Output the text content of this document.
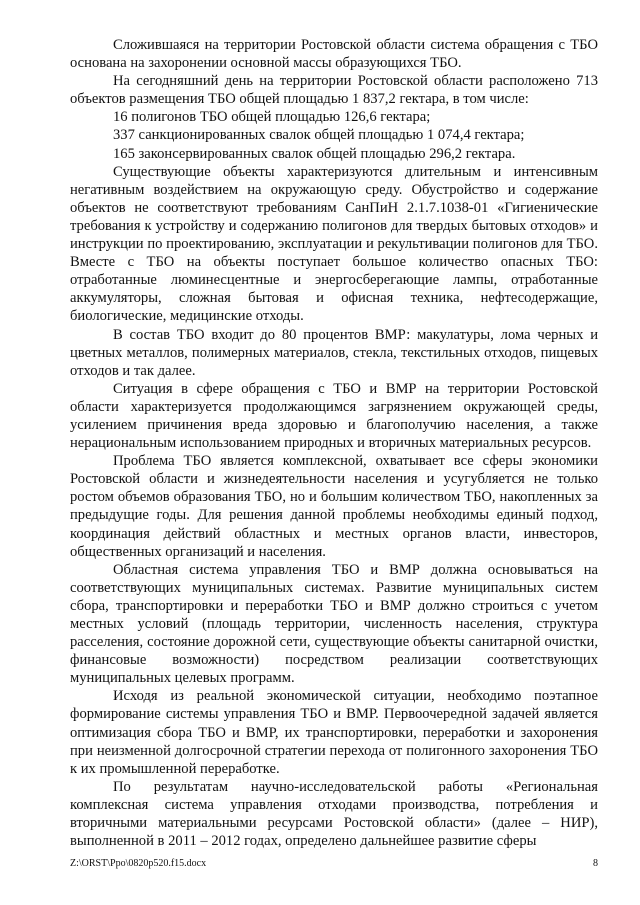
Сложившаяся на территории Ростовской области система обращения с ТБО основана на захоронении основной массы образующихся ТБО.

На сегодняшний день на территории Ростовской области расположено 713 объектов размещения ТБО общей площадью 1 837,2 гектара, в том числе:

16 полигонов ТБО общей площадью 126,6 гектара;

337 санкционированных свалок общей площадью 1 074,4 гектара;

165 законсервированных свалок общей площадью 296,2 гектара.

Существующие объекты характеризуются длительным и интенсивным негативным воздействием на окружающую среду. Обустройство и содержание объектов не соответствуют требованиям СанПиН 2.1.7.1038-01 «Гигиенические требования к устройству и содержанию полигонов для твердых бытовых отходов» и инструкции по проектированию, эксплуатации и рекультивации полигонов для ТБО. Вместе с ТБО на объекты поступает большое количество опасных ТБО: отработанные люминесцентные и энергосберегающие лампы, отработанные аккумуляторы, сложная бытовая и офисная техника, нефтесодержащие, биологические, медицинские отходы.

В состав ТБО входит до 80 процентов ВМР: макулатуры, лома черных и цветных металлов, полимерных материалов, стекла, текстильных отходов, пищевых отходов и так далее.

Ситуация в сфере обращения с ТБО и ВМР на территории Ростовской области характеризуется продолжающимся загрязнением окружающей среды, усилением причинения вреда здоровью и благополучию населения, а также нерациональным использованием природных и вторичных материальных ресурсов.

Проблема ТБО является комплексной, охватывает все сферы экономики Ростовской области и жизнедеятельности населения и усугубляется не только ростом объемов образования ТБО, но и большим количеством ТБО, накопленных за предыдущие годы. Для решения данной проблемы необходимы единый подход, координация действий областных и местных органов власти, инвесторов, общественных организаций и населения.

Областная система управления ТБО и ВМР должна основываться на соответствующих муниципальных системах. Развитие муниципальных систем сбора, транспортировки и переработки ТБО и ВМР должно строиться с учетом местных условий (площадь территории, численность населения, структура расселения, состояние дорожной сети, существующие объекты санитарной очистки, финансовые возможности) посредством реализации соответствующих муниципальных целевых программ.

Исходя из реальной экономической ситуации, необходимо поэтапное формирование системы управления ТБО и ВМР. Первоочередной задачей является оптимизация сбора ТБО и ВМР, их транспортировки, переработки и захоронения при неизменной долгосрочной стратегии перехода от полигонного захоронения ТБО к их промышленной переработке.

По результатам научно-исследовательской работы «Региональная комплексная система управления отходами производства, потребления и вторичными материальными ресурсами Ростовской области» (далее – НИР), выполненной в 2011 – 2012 годах, определено дальнейшее развитие сферы

Z:\ORST\Ppo\0820p520.f15.docx	8
